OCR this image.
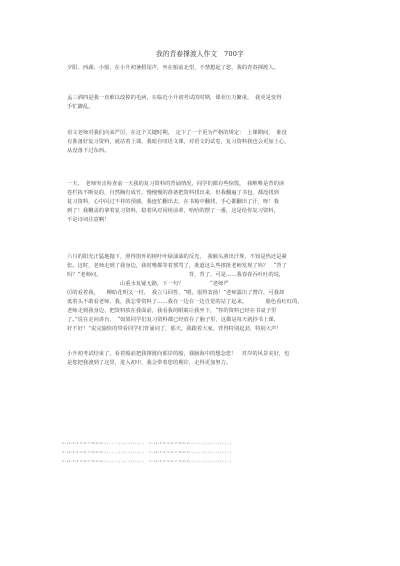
我的青春撑渡人作文　700字
夕阳、西湖、小船，在小升初暑假尾声，坐在船前北望，不禁想起了您，我的青春撑渡人。
孟三酒四是我一直难以改掉的毛病，在临近小升初考试的时期，课业压力繁重，　我更是变得
手忙脚乱。
语文老师对我们向来严厉，在这个关键时期，　定下了一个更为严格的规定：　上课期间，　谁没
有准备好复习资料，就站着上课，我暗自叹语文课，对语文的试卷，复习资料我也会更加上心，
从没落下过东西。
一天，　老师突击检查前一天我的复习资料的背诵情况，同学们都有些惊慌，　我唯唯是背的读
卷栏拣不断复的，自然胸有成竹，慢慢慢的准备把资料找出来，但我翻遍了书包，都没找到
复习资料，心中闪过不祥的预感，我连忙翻出去，在书箱中翻找，手心都翻出了汗，呀！我
到了！我鞭盖的拿着复习资料，稳着风对同组前辈，哈哈的摆了一番，这是给你复习资料，
不是诗词注意啊！
六月的阳光正猛地抛下，照得窗外的树叶叶绿油油的反光，　我额头渗出汗珠，不知是热还是紧
张。这时，老师走到了我身边，我时唯都等着挨骂了，准道这么些挨批老师发现了吗？　“背了
吗？”老师问。　　　　　　　　　　　　　　　　　背，背了，可是……我春春吞吐吐的说，
　　　　　　　　　　山重水复疑无路，下一句？　　　　　“老师严
厉的看着我，　　柳暗花明又一村，　我立马回答，“嗯，很得表扬！”老师露出了赞许，可我却
低着头不敢看老师，我，我忘带资料了……我在一边在一边自觉的站了起来。　　　　脸色看红红的，
老师走到我身边，把资料放在我面前，我看我的眼睛让我坐下，“你的资料已经在书桌子里
了。”说在走向讲台，　“如果同学们复习资料都已经放在了脑子里，这都是每天就抄书上课，
好不好！”说完愉快的带看同学们背诵词了，那天，我跟着大家，背得特别起劲，特别大声！
小升初考试结束了，看着船前把我撑渡向那岸的船，我脑海中的想念您！　对岸的风景美好，也
是您把我渡到了这里，进入初中，我会带着您的期许，走得更加努力。
ㄧ1ㄨㄉ2ㄍ3ㄎ4ㄏ5ㄐ6ㄑ7ㄒ8ㄓ9ㄔ0ㄕㄖㄗㄘㄙㄚㄛㄜㄝㄞㄟㄠㄡㄢㄣㄤㄥㄦ　ㄧ1ㄨㄉ2ㄍ3ㄎ4ㄏ5ㄐ6ㄑ7ㄒ8ㄓ9ㄔ0ㄕㄖㄗㄘㄙㄚㄛㄜㄝㄞㄟㄠㄡㄢㄣㄤㄥㄦ
ㄧ1ㄨㄉ2ㄍ3ㄎ4ㄏ5ㄐ6ㄑ7ㄒ8ㄓ9ㄔ0ㄕㄖㄗㄘㄙㄚㄛㄜㄝㄞㄟㄠㄡㄢㄣㄤㄥㄦ　ㄧ1ㄨㄉ2ㄍ3ㄎ4ㄏ5ㄐ6ㄑ7ㄒ8ㄓ9ㄔ0ㄕㄖㄗㄘㄙㄚㄛㄜㄝㄞㄟㄠㄡㄢㄣㄤㄥㄦ
ㄧ1ㄨㄉ2ㄍ3ㄎ4ㄏ5ㄐ6ㄑ7ㄒ8ㄓ9ㄔ0ㄕㄖㄗㄘㄙㄚㄛㄜㄝㄞㄟㄠㄡㄢㄣㄤㄥㄦ　ㄧ1ㄨㄉ2ㄍ3ㄎ4ㄏ5ㄐ6ㄑ7ㄒ8ㄓ9ㄔ0ㄕㄖㄗㄘㄙㄚㄛㄜㄝㄞㄟㄠㄡㄢㄣㄤㄥㄦ
